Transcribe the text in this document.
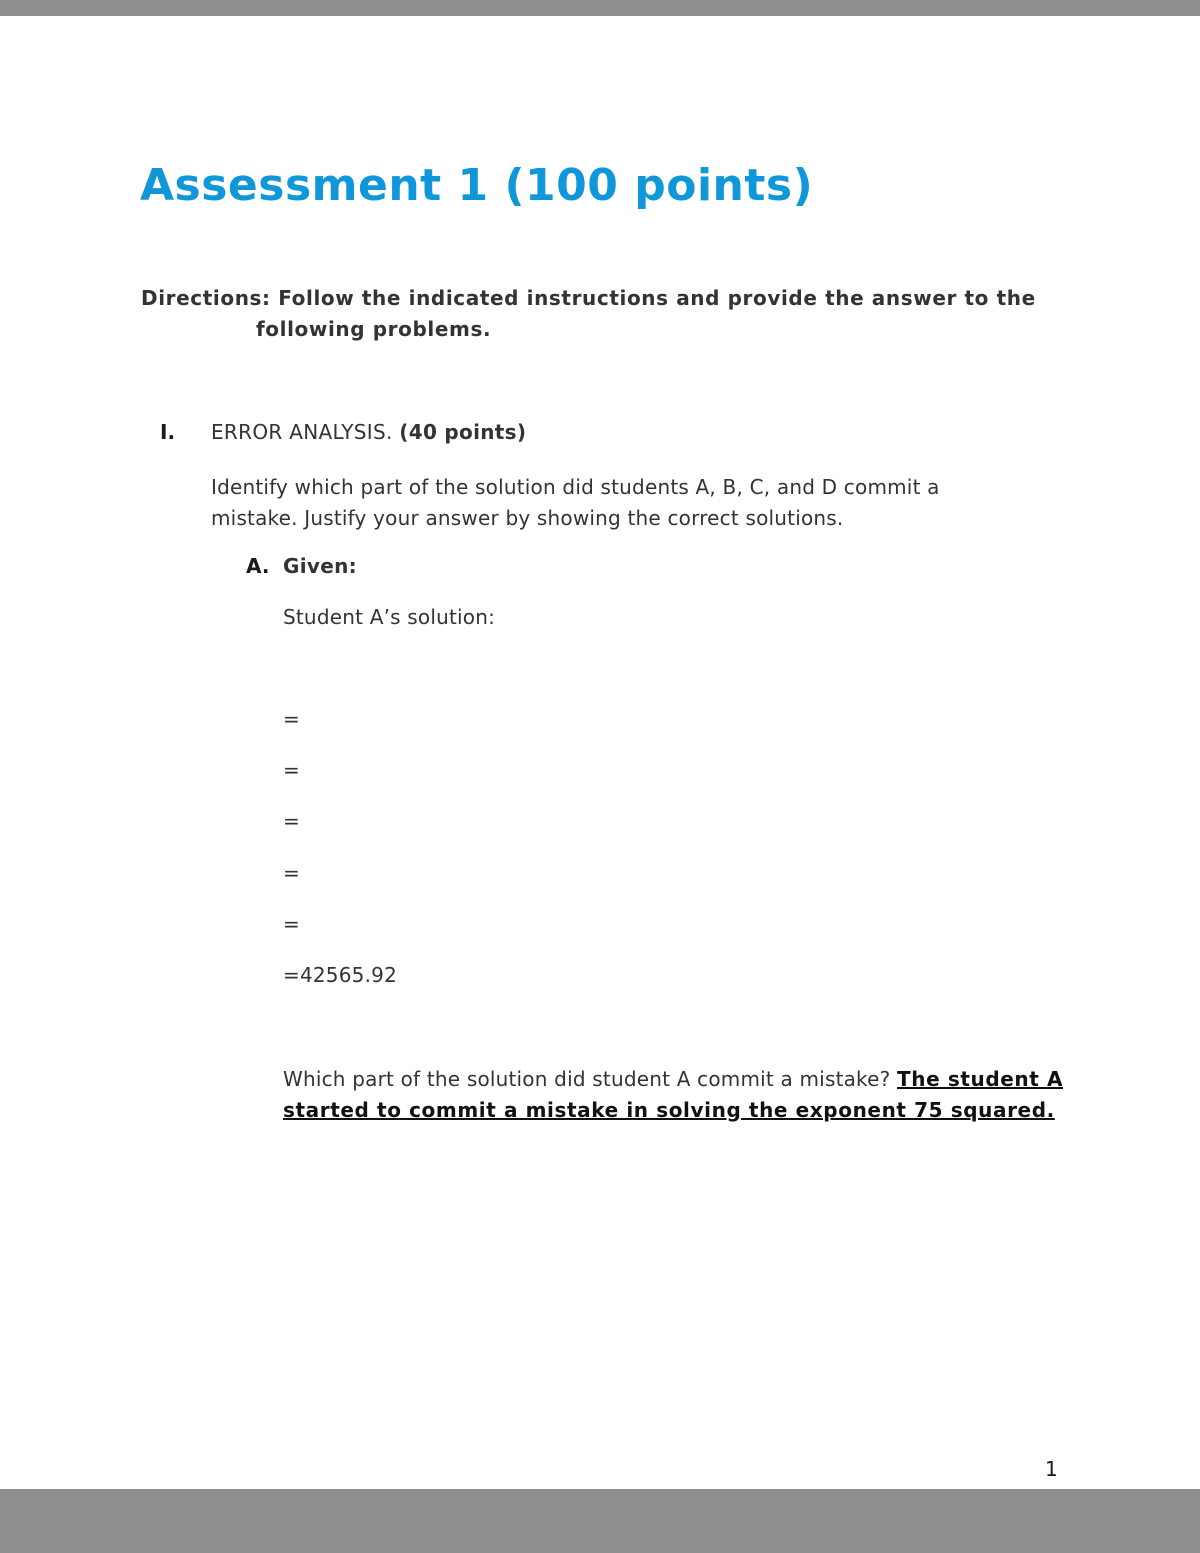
Assessment 1 (100 points)
Directions: Follow the indicated instructions and provide the answer to the
following problems.
I. ERROR ANALYSIS. (40 points)
Identify which part of the solution did students A, B, C, and D commit a
mistake. Justify your answer by showing the correct solutions.
A. Given:
Student A’s solution:
=
=
=
=
=
=42565.92
Which part of the solution did student A commit a mistake? The student A started to commit a mistake in solving the exponent 75 squared.
1
